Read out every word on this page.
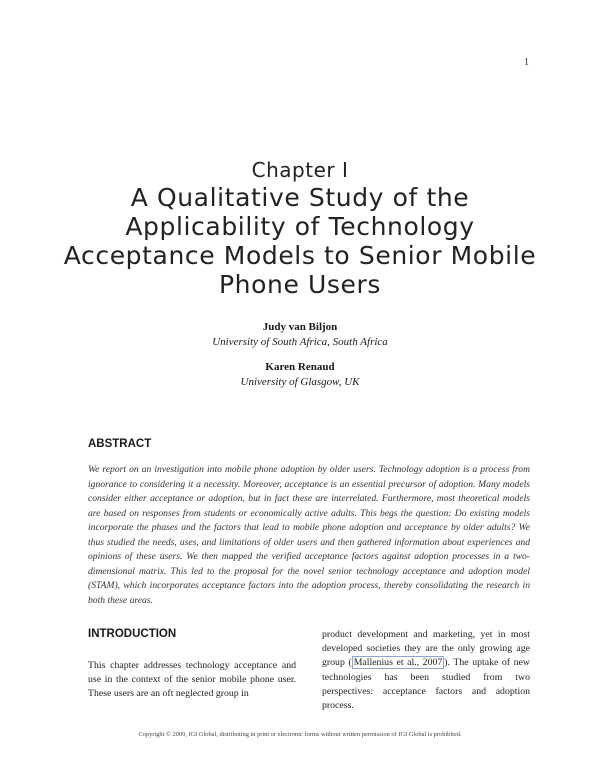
1
Chapter I
A Qualitative Study of the Applicability of Technology Acceptance Models to Senior Mobile Phone Users
Judy van Biljon
University of South Africa, South Africa
Karen Renaud
University of Glasgow, UK
ABSTRACT

We report on an investigation into mobile phone adoption by older users. Technology adoption is a process from ignorance to considering it a necessity. Moreover, acceptance is an essential precursor of adoption. Many models consider either acceptance or adoption, but in fact these are interrelated. Furthermore, most theoretical models are based on responses from students or economically active adults. This begs the question: Do existing models incorporate the phases and the factors that lead to mobile phone adoption and acceptance by older adults? We thus studied the needs, uses, and limitations of older users and then gathered information about experiences and opinions of these users. We then mapped the verified acceptance factors against adoption processes in a two-dimensional matrix. This led to the proposal for the novel senior technology acceptance and adoption model (STAM), which incorporates acceptance factors into the adoption process, thereby consolidating the research in both these areas.

INTRODUCTION

This chapter addresses technology acceptance and use in the context of the senior mobile phone user. These users are an oft neglected group in

product development and marketing, yet in most developed societies they are the only growing age group ( Mallenius et al., 2007 ). The uptake of new technologies has been studied from two perspectives: acceptance factors and adoption process.

Copyright © 2009, IGI Global, distributing in print or electronic forms without written permission of IGI Global is prohibited.
